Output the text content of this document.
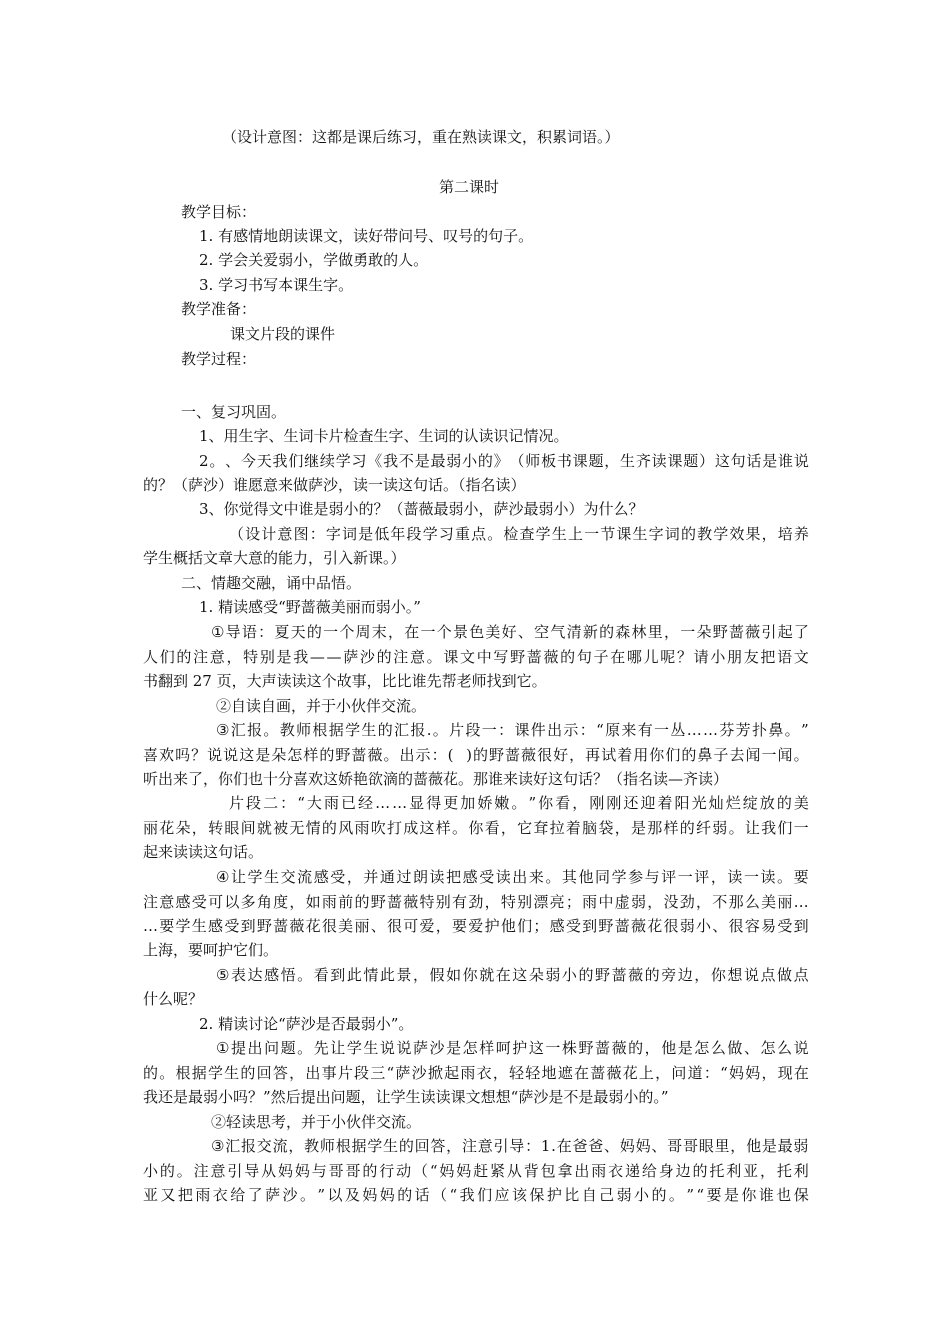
（设计意图：这都是课后练习，重在熟读课文，积累词语。）

第二课时

教学目标：

1. 有感情地朗读课文，读好带问号、叹号的句子。

2. 学会关爱弱小，学做勇敢的人。

3. 学习书写本课生字。

教学准备：

课文片段的课件

教学过程：

一、复习巩固。

1、用生字、生词卡片检查生字、生词的认读识记情况。

2 。 、 今 天 我 们 继 续 学 习 《 我 不 是 最 弱 小 的 》 （ 师 板 书 课 题 ， 生 齐 读 课 题 ） 这 句 话 是 谁 说

的？（萨沙）谁愿意来做萨沙，读一读这句话。（指名读）

3、你觉得文中谁是弱小的？（蔷薇最弱小，萨沙最弱小）为什么？

（ 设 计 意 图 ： 字 词 是 低 年 段 学 习 重 点 。 检 查 学 生 上 一 节 课 生 字 词 的 教 学 效 果 ， 培 养

学生概括文章大意的能力，引入新课。）

二、情趣交融，诵中品悟。

1. 精读感受“野蔷薇美丽而弱小。”

① 导 语 ： 夏 天 的 一 个 周 末 ， 在 一 个 景 色 美 好 、 空 气 清 新 的 森 林 里 ， 一 朵 野 蔷 薇 引 起 了

人 们 的 注 意 ， 特 别 是 我 — — 萨 沙 的 注 意 。 课 文 中 写 野 蔷 薇 的 句 子 在 哪 儿 呢 ？ 请 小 朋 友 把 语 文

书翻到 27 页，大声读读这个故事，比比谁先帮老师找到它。

②自读自画，并于小伙伴交流。

③ 汇 报 。 教 师 根 据 学 生 的 汇 报 . 。 片 段 一 ： 课 件 出 示 ： “ 原 来 有 一 丛 … … 芬 芳 扑 鼻 。 ”

喜 欢 吗 ？ 说 说 这 是 朵 怎 样 的 野 蔷 薇 。 出 示 ： (

) 的 野 蔷 薇 很 好 ， 再 试 着 用 你 们 的 鼻 子 去 闻 一 闻 。

听出来了，你们也十分喜欢这娇艳欲滴的蔷薇花。那谁来读好这句话？（指名读—齐读）

片 段 二 ： “ 大 雨 已 经 … … 显 得 更 加 娇 嫩 。 ” 你 看 ， 刚 刚 还 迎 着 阳 光 灿 烂 绽 放 的 美

丽 花 朵 ， 转 眼 间 就 被 无 情 的 风 雨 吹 打 成 这 样 。 你 看 ， 它 耷 拉 着 脑 袋 ， 是 那 样 的 纤 弱 。 让 我 们 一

起来读读这句话。

④ 让 学 生 交 流 感 受 ， 并 通 过 朗 读 把 感 受 读 出 来 。 其 他 同 学 参 与 评 一 评 ， 读 一 读 。 要

注 意 感 受 可 以 多 角 度 ， 如 雨 前 的 野 蔷 薇 特 别 有 劲 ， 特 别 漂 亮 ； 雨 中 虚 弱 ， 没 劲 ， 不 那 么 美 丽 …

… 要 学 生 感 受 到 野 蔷 薇 花 很 美 丽 、 很 可 爱 ， 要 爱 护 他 们 ； 感 受 到 野 蔷 薇 花 很 弱 小 、 很 容 易 受 到

上海，要呵护它们。

⑤ 表 达 感 悟 。 看 到 此 情 此 景 ， 假 如 你 就 在 这 朵 弱 小 的 野 蔷 薇 的 旁 边 ， 你 想 说 点 做 点

什么呢？

2. 精读讨论“萨沙是否最弱小”。

① 提 出 问 题 。 先 让 学 生 说 说 萨 沙 是 怎 样 呵 护 这 一 株 野 蔷 薇 的 ， 他 是 怎 么 做 、 怎 么 说

的 。 根 据 学 生 的 回 答 ， 出 事 片 段 三 “ 萨 沙 掀 起 雨 衣 ， 轻 轻 地 遮 在 蔷 薇 花 上 ， 问 道 ： “ 妈 妈 ， 现 在

我还是最弱小吗？”然后提出问题，让学生读读课文想想“萨沙是不是最弱小的。”

②轻读思考，并于小伙伴交流。

③ 汇 报 交 流 ， 教 师 根 据 学 生 的 回 答 ， 注 意 引 导 ： 1 . 在 爸 爸 、 妈 妈 、 哥 哥 眼 里 ， 他 是 最 弱

小 的 。 注 意 引 导 从 妈 妈 与 哥 哥 的 行 动 （ “ 妈 妈 赶 紧 从 背 包 拿 出 雨 衣 递 给 身 边 的 托 利 亚 ， 托 利

亚 又 把 雨 衣 给 了 萨 沙 。 ” 以 及 妈 妈 的 话 （ “ 我 们 应 该 保 护 比 自 己 弱 小 的 。 ” “ 要 是 你 谁 也 保
